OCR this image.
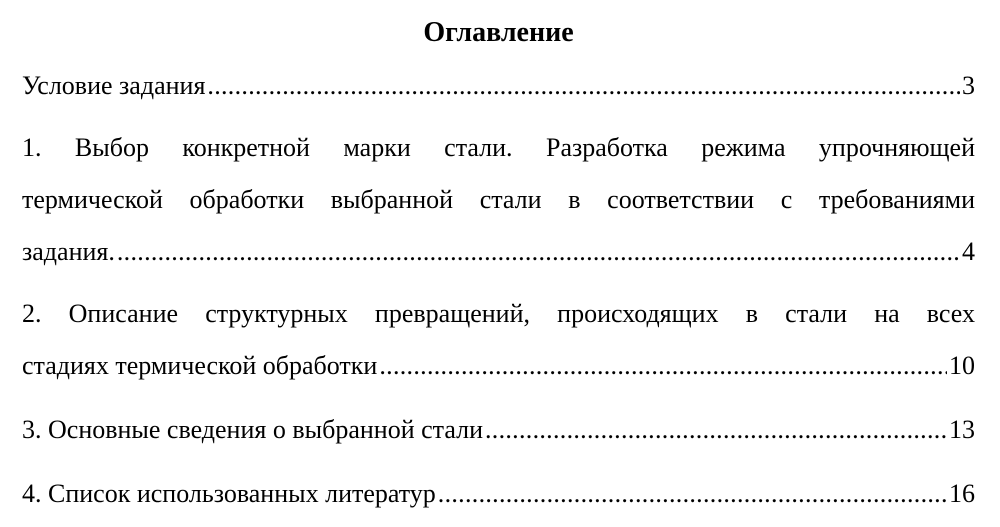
Оглавление
Условие задания .....	3
1. Выбор конкретной марки стали. Разработка режима упрочняющей
термической обработки выбранной стали в соответствии с требованиями
задания. .....	4
2. Описание структурных превращений, происходящих в стали на всех
стадиях термической обработки .....	10
3. Основные сведения о выбранной стали .....	13
4. Список использованных литератур .....	16
